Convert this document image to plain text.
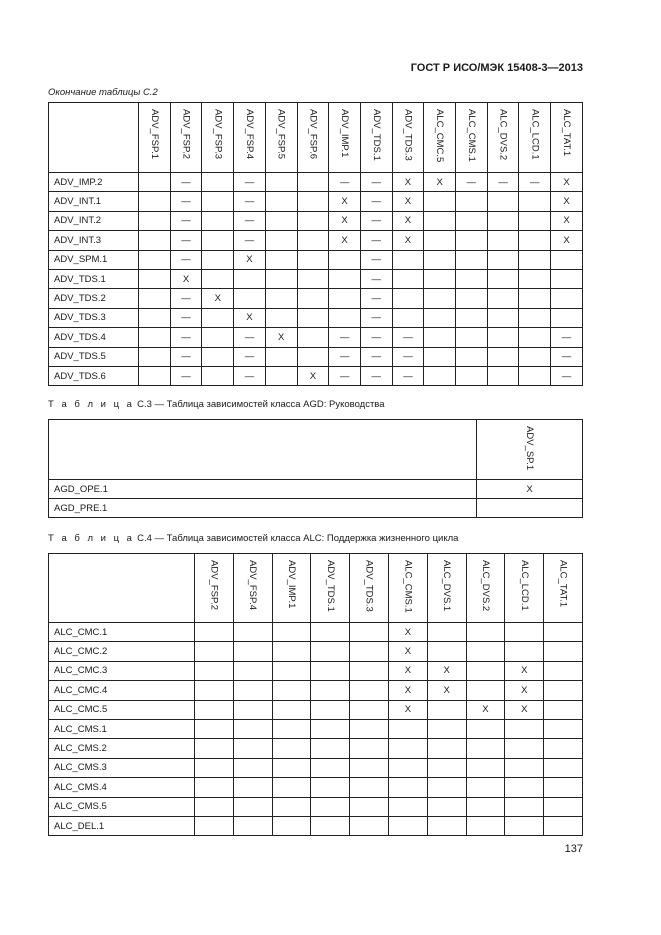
ГОСТ Р ИСО/МЭК 15408-3—2013
Окончание таблицы С.2

	ADV_FSP.1	ADV_FSP.2	ADV_FSP.3	ADV_FSP.4	ADV_FSP.5	ADV_FSP.6	ADV_IMP.1	ADV_TDS.1	ADV_TDS.3	ALC_CMC.5	ALC_CMS.1	ALC_DVS.2	ALC_LCD.1	ALC_TAT.1

ADV_IMP.2		—		—			—	—	X	X	—	—	—	X
ADV_INT.1		—		—			X	—	X					X
ADV_INT.2		—		—			X	—	X					X
ADV_INT.3		—		—			X	—	X					X
ADV_SPM.1		—		X				—						
ADV_TDS.1		X						—						
ADV_TDS.2		—	X					—						
ADV_TDS.3		—		X				—						
ADV_TDS.4		—		—	X		—	—	—					—
ADV_TDS.5		—		—			—	—	—					—
ADV_TDS.6		—		—		X	—	—	—					—
Т а б л и ц а С.3 — Таблица зависимостей класса AGD: Руководства

	ADV_SP.1

AGD_OPE.1	X
AGD_PRE.1	
Т а б л и ц а С.4 — Таблица зависимостей класса ALC: Поддержка жизненного цикла

	ADV_FSP.2	ADV_FSP.4	ADV_IMP.1	ADV_TDS.1	ADV_TDS.3	ALC_CMS.1	ALC_DVS.1	ALC_DVS.2	ALC_LCD.1	ALC_TAT.1

ALC_CMC.1						X				
ALC_CMC.2						X				
ALC_CMC.3						X	X		X	
ALC_CMC.4						X	X		X	
ALC_CMC.5						X		X	X	
ALC_CMS.1										
ALC_CMS.2										
ALC_CMS.3										
ALC_CMS.4										
ALC_CMS.5										
ALC_DEL.1										
137
